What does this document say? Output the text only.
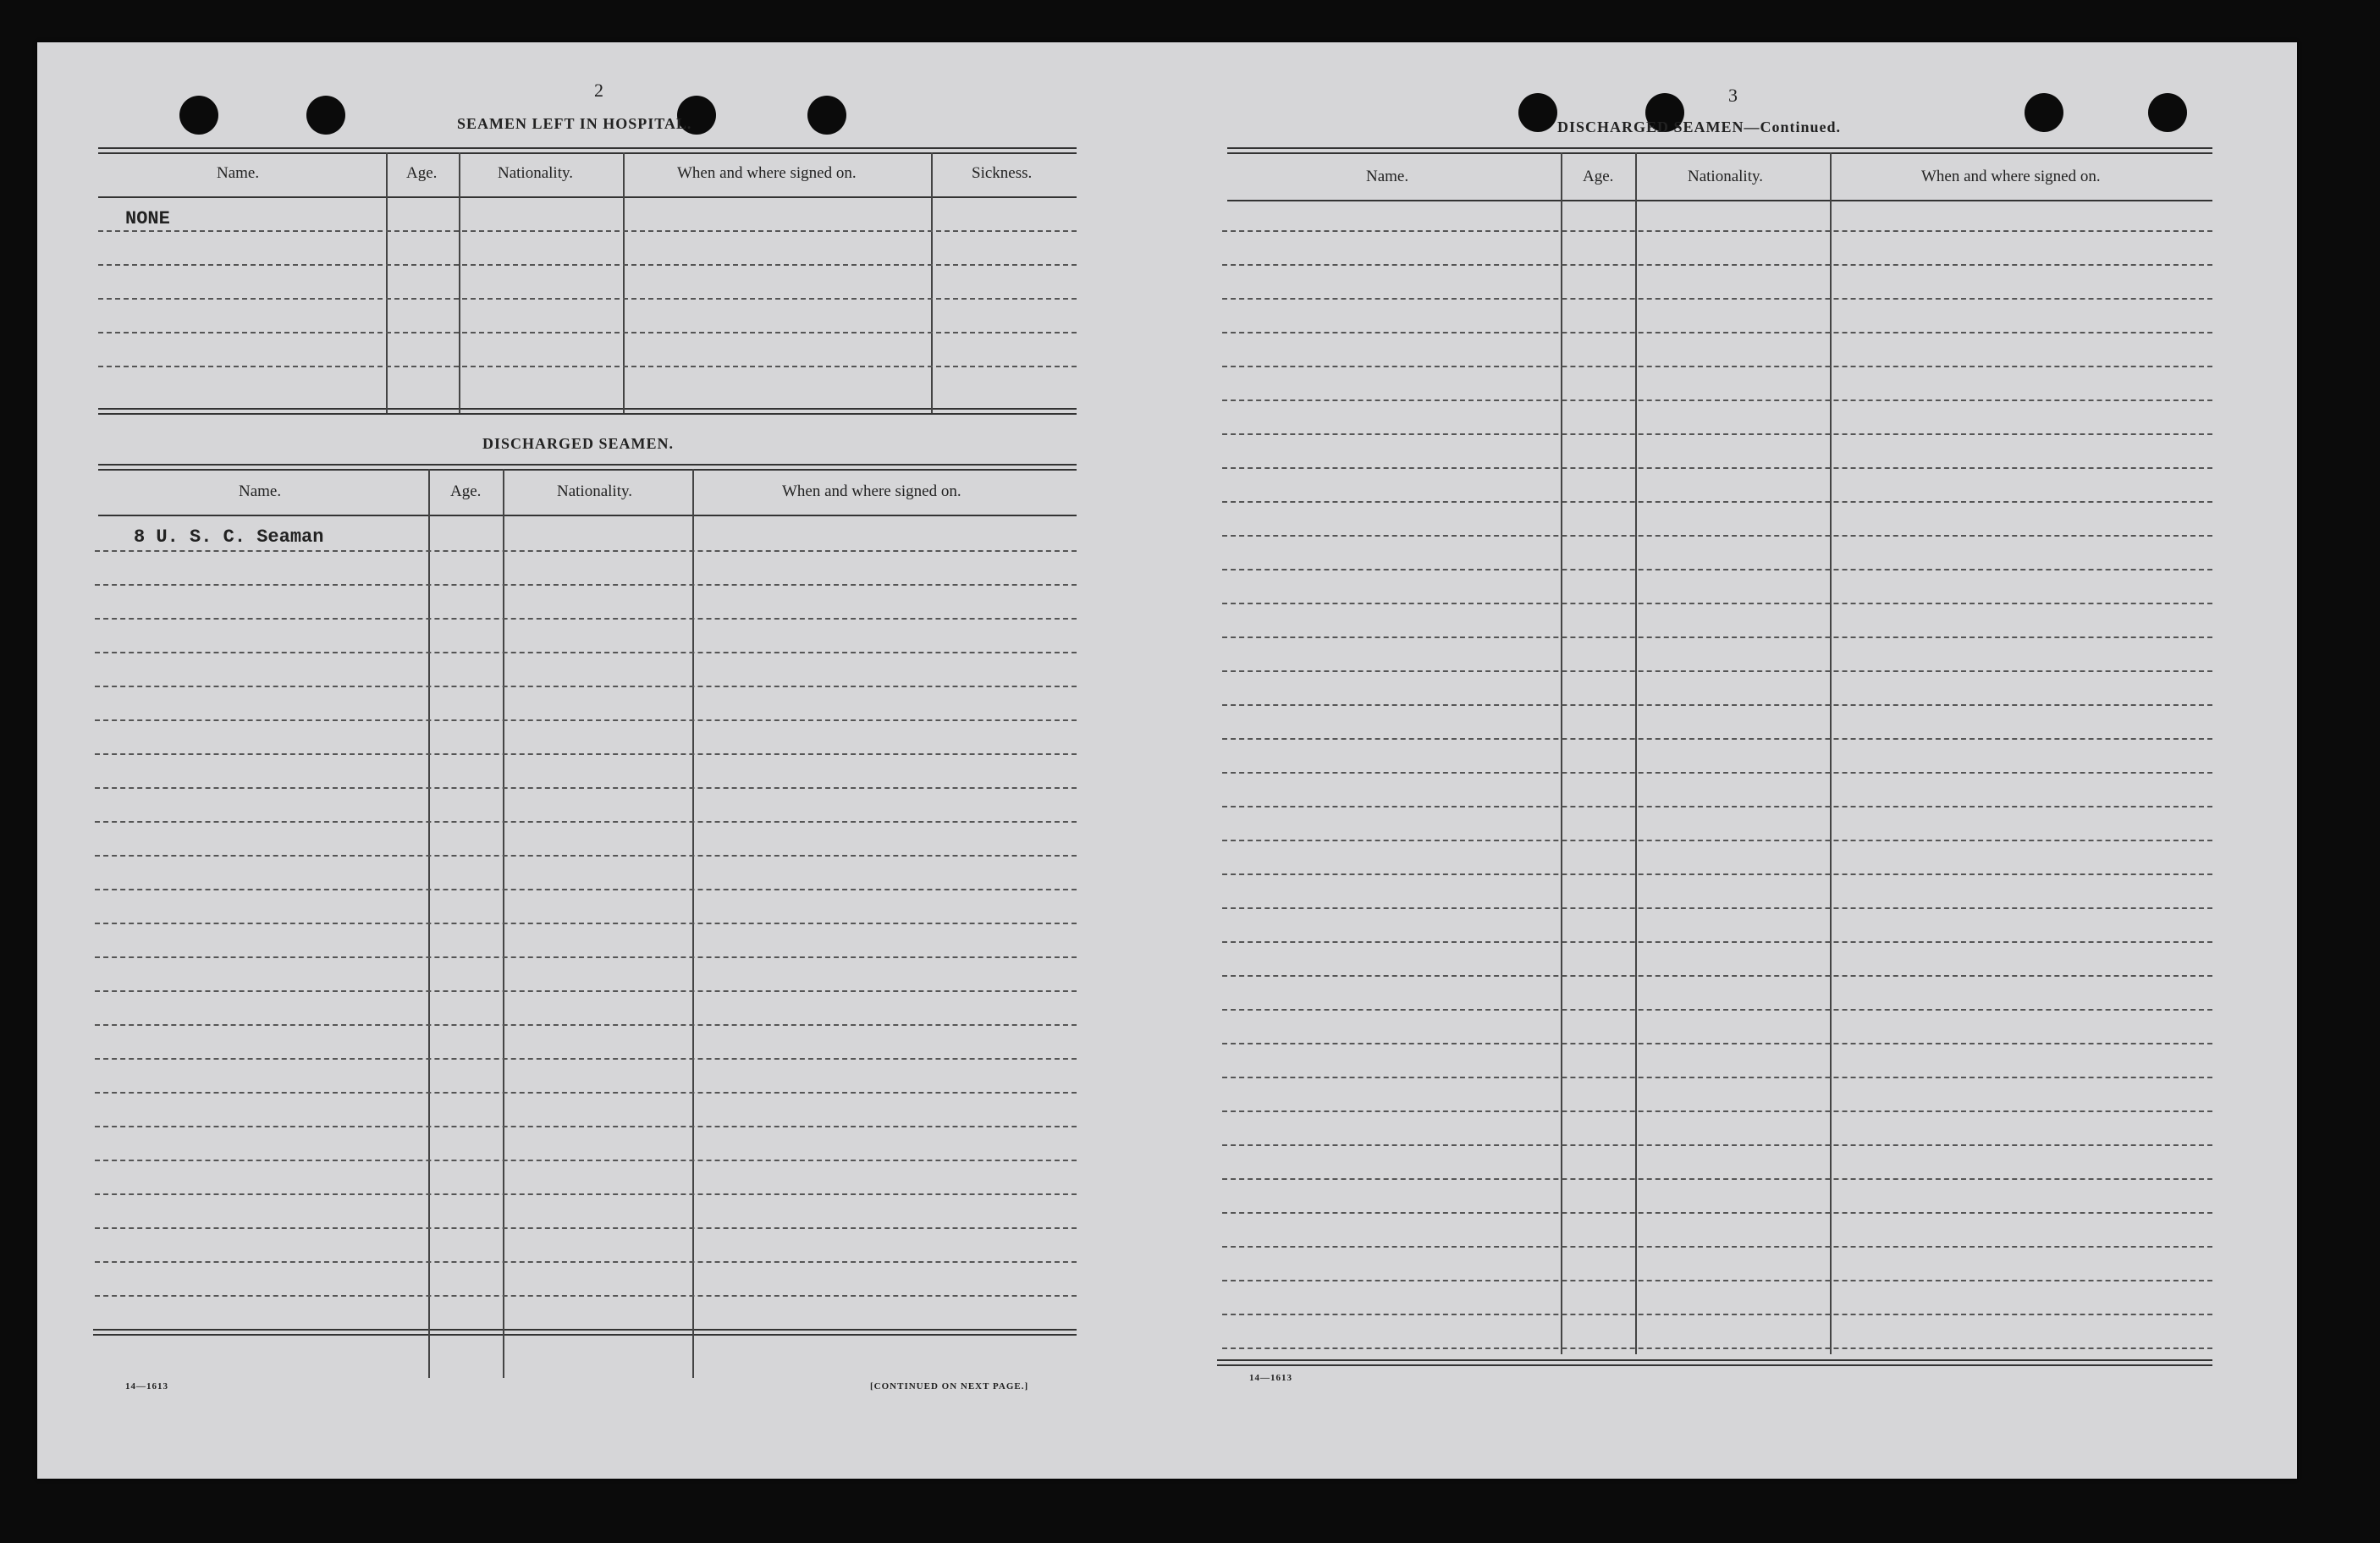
2
SEAMEN LEFT IN HOSPITAL.
Name.	Age.	Nationality.	When and where signed on.	Sickness.
NONE
DISCHARGED SEAMEN.
Name.	Age.	Nationality.	When and where signed on.
8 U. S. C. Seaman
14—1613	[CONTINUED ON NEXT PAGE.]
3
DISCHARGED SEAMEN—Continued.
Name.	Age.	Nationality.	When and where signed on.
14—1613
